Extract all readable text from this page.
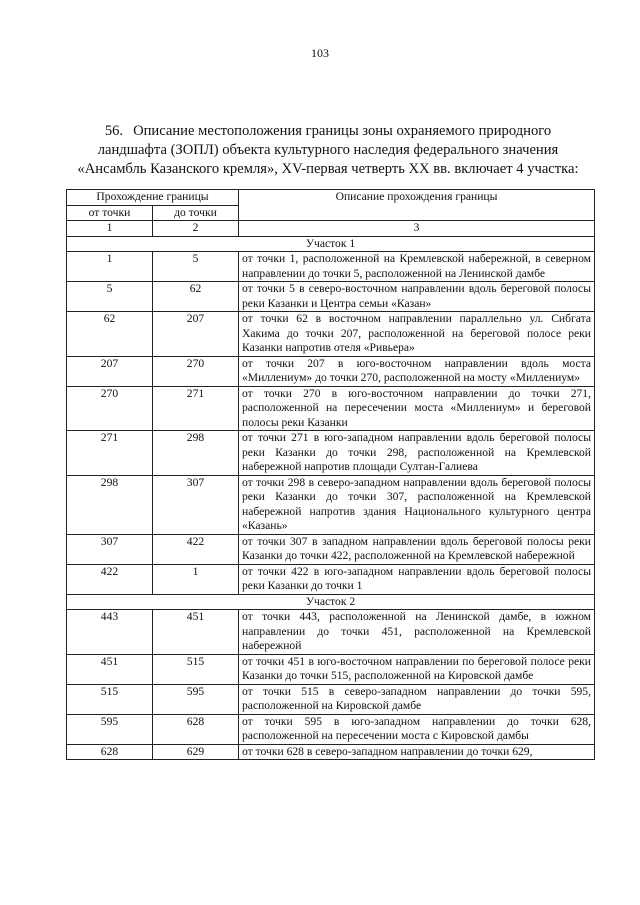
103
56. Описание местоположения границы зоны охраняемого природного
ландшафта (ЗОПЛ) объекта культурного наследия федерального значения
«Ансамбль Казанского кремля», XV-первая четверть XX вв. включает 4 участка:
Прохождение границы		Описание прохождения границы
от точки	до точки	
1	2	3
Участок 1		
1	5	от точки 1, расположенной на Кремлевской набережной, в северном направлении до точки 5, расположенной на Ленинской дамбе
5	62	от точки 5 в северо-восточном направлении вдоль береговой полосы реки Казанки и Центра семьи «Казан»
62	207	от точки 62 в восточном направлении параллельно ул. Сибгата Хакима до точки 207, расположенной на береговой полосе реки Казанки напротив отеля «Ривьера»
207	270	от точки 207 в юго-восточном направлении вдоль моста «Миллениум» до точки 270, расположенной на мосту «Миллениум»
270	271	от точки 270 в юго-восточном направлении до точки 271, расположенной на пересечении моста «Миллениум» и береговой полосы реки Казанки
271	298	от точки 271 в юго-западном направлении вдоль береговой полосы реки Казанки до точки 298, расположенной на Кремлевской набережной напротив площади Султан-Галиева
298	307	от точки 298 в северо-западном направлении вдоль береговой полосы реки Казанки до точки 307, расположенной на Кремлевской набережной напротив здания Национального культурного центра «Казань»
307	422	от точки 307 в западном направлении вдоль береговой полосы реки Казанки до точки 422, расположенной на Кремлевской набережной
422	1	от точки 422 в юго-западном направлении вдоль береговой полосы реки Казанки до точки 1
Участок 2		
443	451	от точки 443, расположенной на Ленинской дамбе, в южном направлении до точки 451, расположенной на Кремлевской набережной
451	515	от точки 451 в юго-восточном направлении по береговой полосе реки Казанки до точки 515, расположенной на Кировской дамбе
515	595	от точки 515 в северо-западном направлении до точки 595, расположенной на Кировской дамбе
595	628	от точки 595 в юго-западном направлении до точки 628, расположенной на пересечении моста с Кировской дамбы
628	629	от точки 628 в северо-западном направлении до точки 629,
